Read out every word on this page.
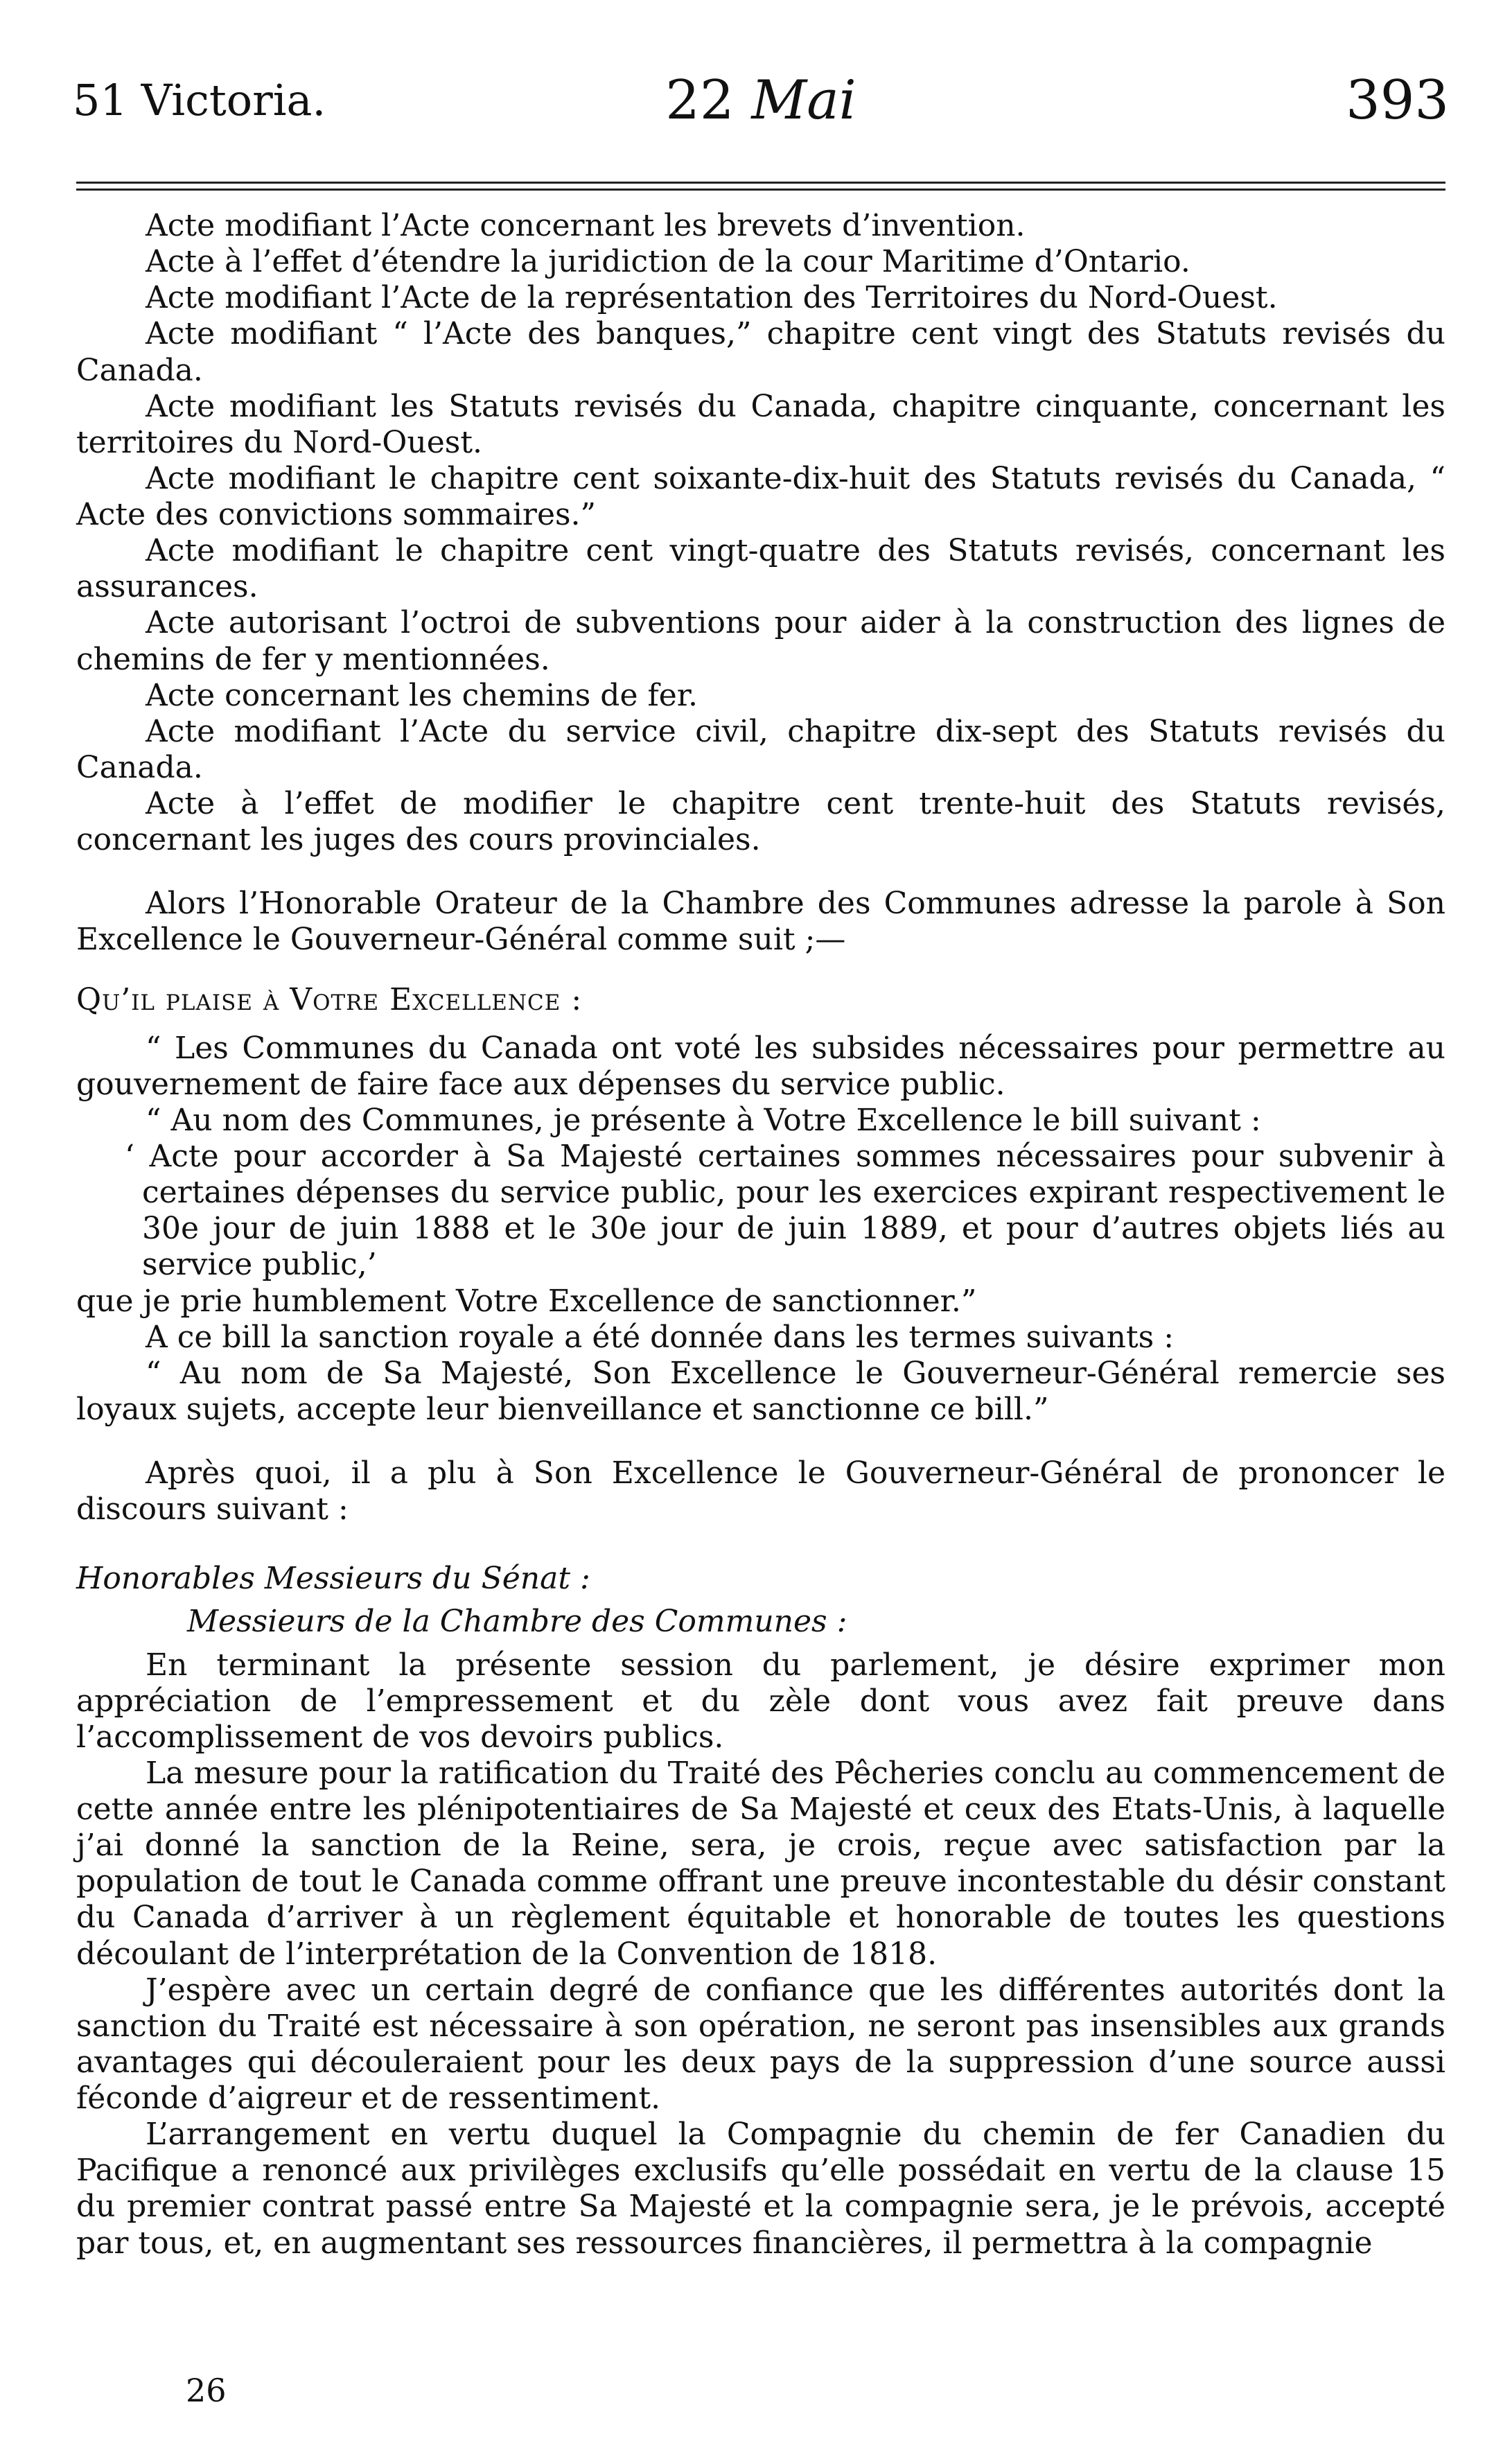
51 Victoria.	22 Mai	393

Acte modifiant l’Acte concernant les brevets d’invention.

Acte à l’effet d’étendre la juridiction de la cour Maritime d’Ontario.

Acte modifiant l’Acte de la représentation des Territoires du Nord-Ouest.

Acte modifiant “ l’Acte des banques,” chapitre cent vingt des Statuts revisés du Canada.

Acte modifiant les Statuts revisés du Canada, chapitre cinquante, concernant les territoires du Nord-Ouest.

Acte modifiant le chapitre cent soixante-dix-huit des Statuts revisés du Canada, “ Acte des convictions sommaires.”

Acte modifiant le chapitre cent vingt-quatre des Statuts revisés, concernant les assurances.

Acte autorisant l’octroi de subventions pour aider à la construction des lignes de chemins de fer y mentionnées.

Acte concernant les chemins de fer.

Acte modifiant l’Acte du service civil, chapitre dix-sept des Statuts revisés du Canada.

Acte à l’effet de modifier le chapitre cent trente-huit des Statuts revisés, concernant les juges des cours provinciales.

Alors l’Honorable Orateur de la Chambre des Communes adresse la parole à Son Excellence le Gouverneur-Général comme suit ;—

Qu’il plaise à Votre Excellence :

“ Les Communes du Canada ont voté les subsides nécessaires pour permettre au gouvernement de faire face aux dépenses du service public.

“ Au nom des Communes, je présente à Votre Excellence le bill suivant :

‘ Acte pour accorder à Sa Majesté certaines sommes nécessaires pour subvenir à certaines dépenses du service public, pour les exercices expirant respectivement le 30e jour de juin 1888 et le 30e jour de juin 1889, et pour d’autres objets liés au service public,’

que je prie humblement Votre Excellence de sanctionner.”

A ce bill la sanction royale a été donnée dans les termes suivants :

“ Au nom de Sa Majesté, Son Excellence le Gouverneur-Général remercie ses loyaux sujets, accepte leur bienveillance et sanctionne ce bill.”

Après quoi, il a plu à Son Excellence le Gouverneur-Général de prononcer le discours suivant :

Honorables Messieurs du Sénat :

Messieurs de la Chambre des Communes :

En terminant la présente session du parlement, je désire exprimer mon appréciation de l’empressement et du zèle dont vous avez fait preuve dans l’accomplissement de vos devoirs publics.

La mesure pour la ratification du Traité des Pêcheries conclu au commencement de cette année entre les plénipotentiaires de Sa Majesté et ceux des Etats-Unis, à laquelle j’ai donné la sanction de la Reine, sera, je crois, reçue avec satisfaction par la population de tout le Canada comme offrant une preuve incontestable du désir constant du Canada d’arriver à un règlement équitable et honorable de toutes les questions découlant de l’interprétation de la Convention de 1818.

J’espère avec un certain degré de confiance que les différentes autorités dont la sanction du Traité est nécessaire à son opération, ne seront pas insensibles aux grands avantages qui découleraient pour les deux pays de la suppression d’une source aussi féconde d’aigreur et de ressentiment.

L’arrangement en vertu duquel la Compagnie du chemin de fer Canadien du Pacifique a renoncé aux privilèges exclusifs qu’elle possédait en vertu de la clause 15 du premier contrat passé entre Sa Majesté et la compagnie sera, je le prévois, accepté par tous, et, en augmentant ses ressources financières, il permettra à la compagnie

26
